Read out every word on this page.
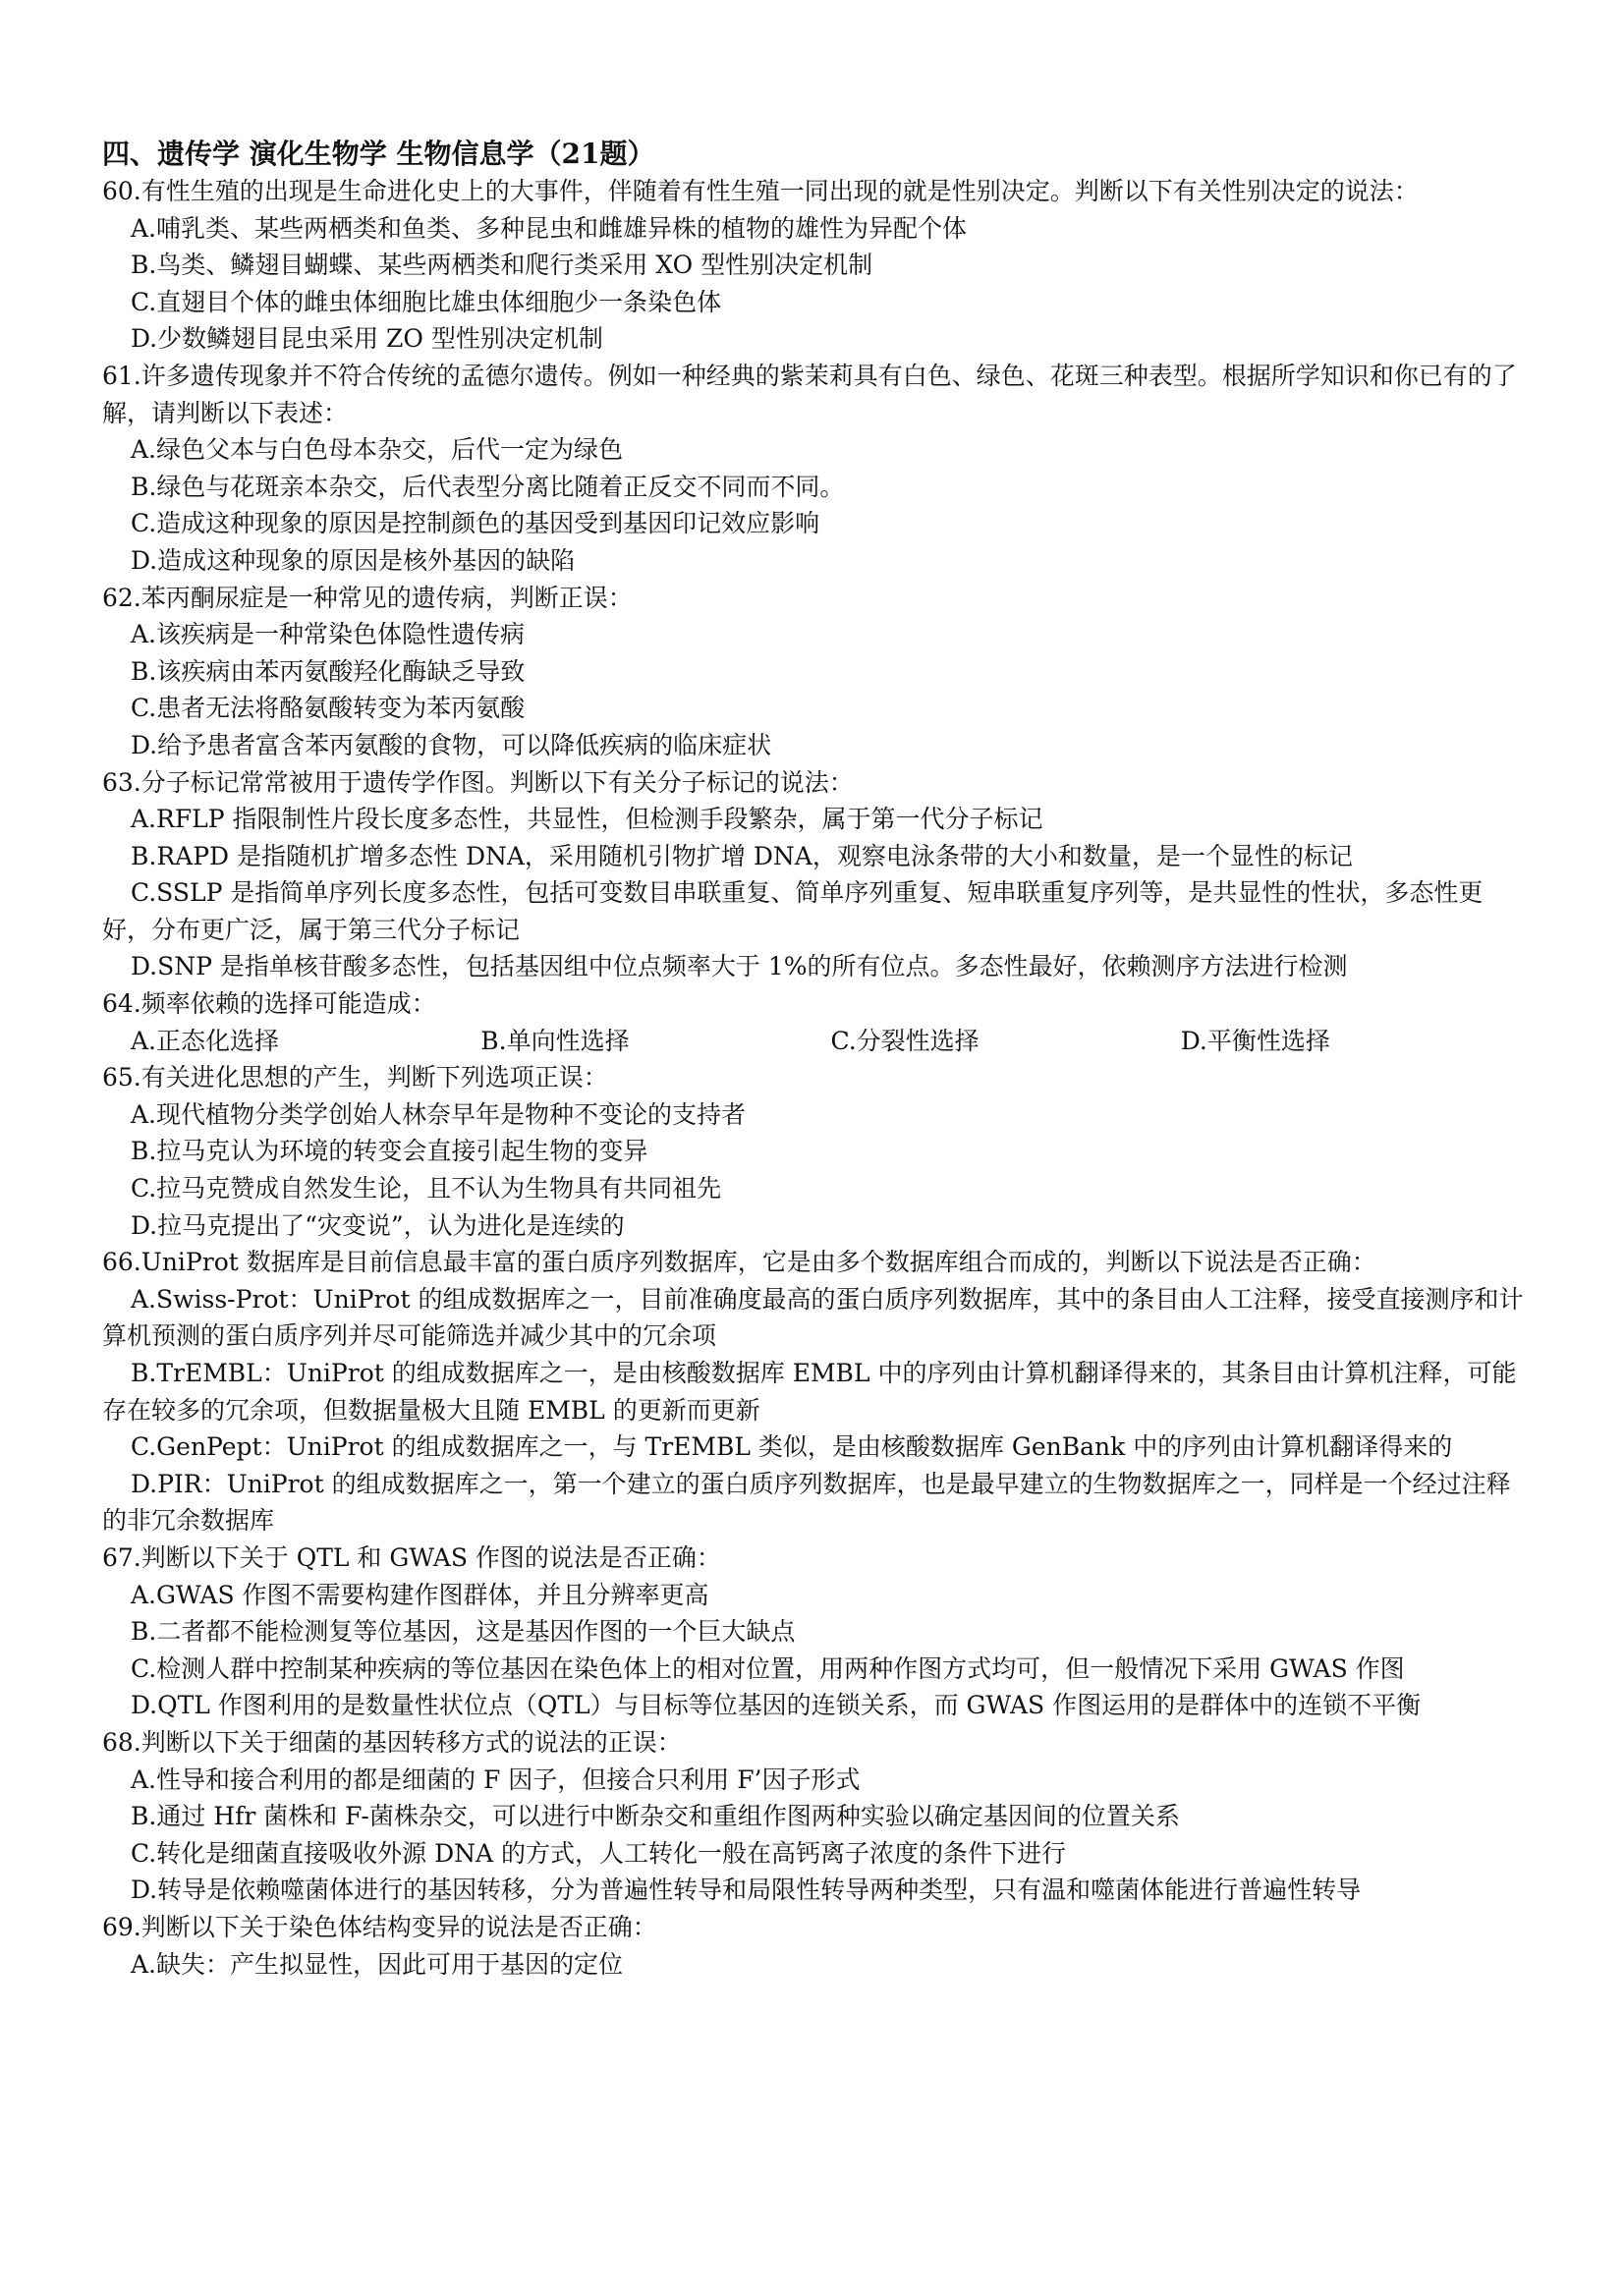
四、遗传学 演化生物学 生物信息学（21题）

60.有性生殖的出现是生命进化史上的大事件，伴随着有性生殖一同出现的就是性别决定。判断以下有关性别决定的说法：

A.哺乳类、某些两栖类和鱼类、多种昆虫和雌雄异株的植物的雄性为异配个体

B.鸟类、鳞翅目蝴蝶、某些两栖类和爬行类采用 XO 型性别决定机制

C.直翅目个体的雌虫体细胞比雄虫体细胞少一条染色体

D.少数鳞翅目昆虫采用 ZO 型性别决定机制

61.许多遗传现象并不符合传统的孟德尔遗传。例如一种经典的紫茉莉具有白色、绿色、花斑三种表型。根据所学知识和你已有的了解，请判断以下表述：

A.绿色父本与白色母本杂交，后代一定为绿色

B.绿色与花斑亲本杂交，后代表型分离比随着正反交不同而不同。

C.造成这种现象的原因是控制颜色的基因受到基因印记效应影响

D.造成这种现象的原因是核外基因的缺陷

62.苯丙酮尿症是一种常见的遗传病，判断正误：

A.该疾病是一种常染色体隐性遗传病

B.该疾病由苯丙氨酸羟化酶缺乏导致

C.患者无法将酪氨酸转变为苯丙氨酸

D.给予患者富含苯丙氨酸的食物，可以降低疾病的临床症状

63.分子标记常常被用于遗传学作图。判断以下有关分子标记的说法：

A.RFLP 指限制性片段长度多态性，共显性，但检测手段繁杂，属于第一代分子标记

B.RAPD 是指随机扩增多态性 DNA，采用随机引物扩增 DNA，观察电泳条带的大小和数量，是一个显性的标记

C.SSLP 是指简单序列长度多态性，包括可变数目串联重复、简单序列重复、短串联重复序列等，是共显性的性状，多态性更好，分布更广泛，属于第三代分子标记

D.SNP 是指单核苷酸多态性，包括基因组中位点频率大于 1%的所有位点。多态性最好，依赖测序方法进行检测

64.频率依赖的选择可能造成：

A.正态化选择	B.单向性选择	C.分裂性选择	D.平衡性选择

65.有关进化思想的产生，判断下列选项正误：

A.现代植物分类学创始人林奈早年是物种不变论的支持者

B.拉马克认为环境的转变会直接引起生物的变异

C.拉马克赞成自然发生论，且不认为生物具有共同祖先

D.拉马克提出了“灾变说”，认为进化是连续的

66.UniProt 数据库是目前信息最丰富的蛋白质序列数据库，它是由多个数据库组合而成的，判断以下说法是否正确：

A.Swiss-Prot：UniProt 的组成数据库之一，目前准确度最高的蛋白质序列数据库，其中的条目由人工注释，接受直接测序和计算机预测的蛋白质序列并尽可能筛选并减少其中的冗余项

B.TrEMBL：UniProt 的组成数据库之一，是由核酸数据库 EMBL 中的序列由计算机翻译得来的，其条目由计算机注释，可能存在较多的冗余项，但数据量极大且随 EMBL 的更新而更新

C.GenPept：UniProt 的组成数据库之一，与 TrEMBL 类似，是由核酸数据库 GenBank 中的序列由计算机翻译得来的

D.PIR：UniProt 的组成数据库之一，第一个建立的蛋白质序列数据库，也是最早建立的生物数据库之一，同样是一个经过注释的非冗余数据库

67.判断以下关于 QTL 和 GWAS 作图的说法是否正确：

A.GWAS 作图不需要构建作图群体，并且分辨率更高

B.二者都不能检测复等位基因，这是基因作图的一个巨大缺点

C.检测人群中控制某种疾病的等位基因在染色体上的相对位置，用两种作图方式均可，但一般情况下采用 GWAS 作图

D.QTL 作图利用的是数量性状位点（QTL）与目标等位基因的连锁关系，而 GWAS 作图运用的是群体中的连锁不平衡

68.判断以下关于细菌的基因转移方式的说法的正误：

A.性导和接合利用的都是细菌的 F 因子，但接合只利用 F’因子形式

B.通过 Hfr 菌株和 F-菌株杂交，可以进行中断杂交和重组作图两种实验以确定基因间的位置关系

C.转化是细菌直接吸收外源 DNA 的方式，人工转化一般在高钙离子浓度的条件下进行

D.转导是依赖噬菌体进行的基因转移，分为普遍性转导和局限性转导两种类型，只有温和噬菌体能进行普遍性转导

69.判断以下关于染色体结构变异的说法是否正确：

A.缺失：产生拟显性，因此可用于基因的定位
